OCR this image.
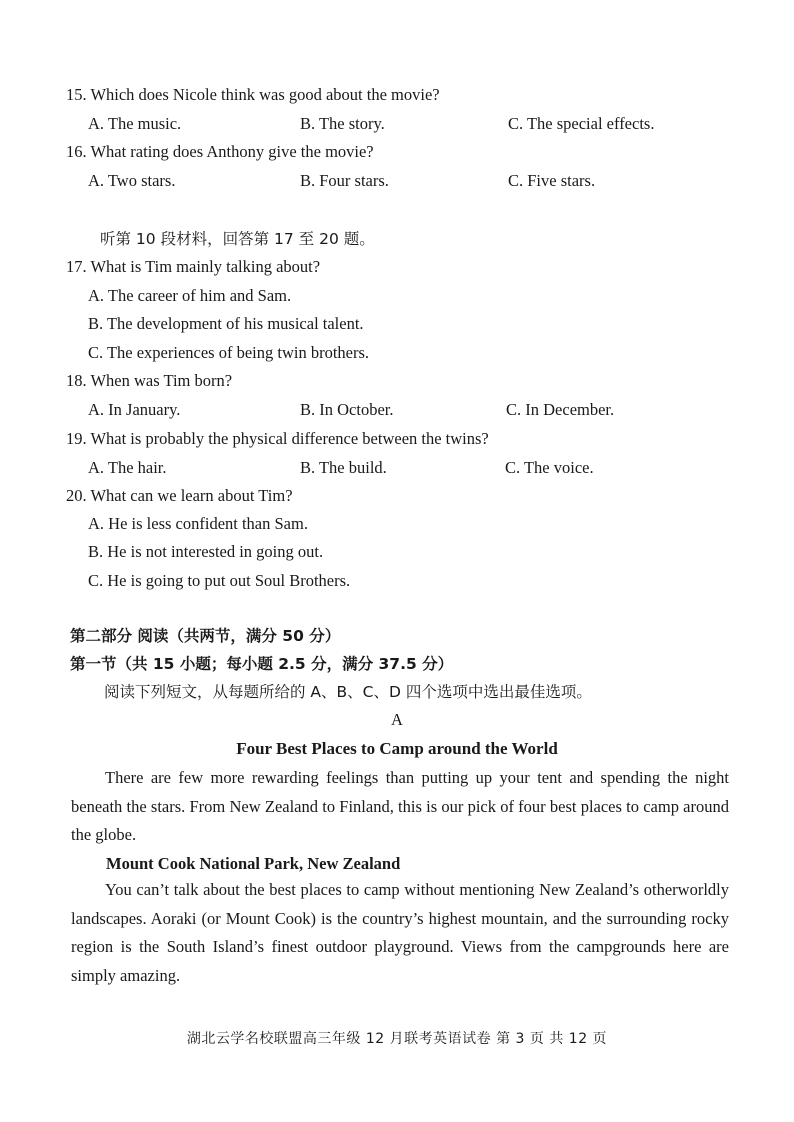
15. Which does Nicole think was good about the movie?
A. The music.	B. The story.	C. The special effects.
16. What rating does Anthony give the movie?
A. Two stars.	B. Four stars.	C. Five stars.
听第 10 段材料，回答第 17 至 20 题。
17. What is Tim mainly talking about?
A. The career of him and Sam.
B. The development of his musical talent.
C. The experiences of being twin brothers.
18. When was Tim born?
A. In January.	B. In October.	C. In December.
19. What is probably the physical difference between the twins?
A. The hair.	B. The build.	C. The voice.
20. What can we learn about Tim?
A. He is less confident than Sam.
B. He is not interested in going out.
C. He is going to put out Soul Brothers.
第二部分 阅读（共两节，满分 50 分）
第一节（共 15 小题；每小题 2.5 分，满分 37.5 分）
阅读下列短文，从每题所给的 A、B、C、D 四个选项中选出最佳选项。
A
Four Best Places to Camp around the World
There are few more rewarding feelings than putting up your tent and spending the night beneath the stars. From New Zealand to Finland, this is our pick of four best places to camp around the globe.
Mount Cook National Park, New Zealand
You can’t talk about the best places to camp without mentioning New Zealand’s otherworldly landscapes. Aoraki (or Mount Cook) is the country’s highest mountain, and the surrounding rocky region is the South Island’s finest outdoor playground. Views from the campgrounds here are simply amazing.
湖北云学名校联盟高三年级 12 月联考英语试卷 第 3 页 共 12 页
